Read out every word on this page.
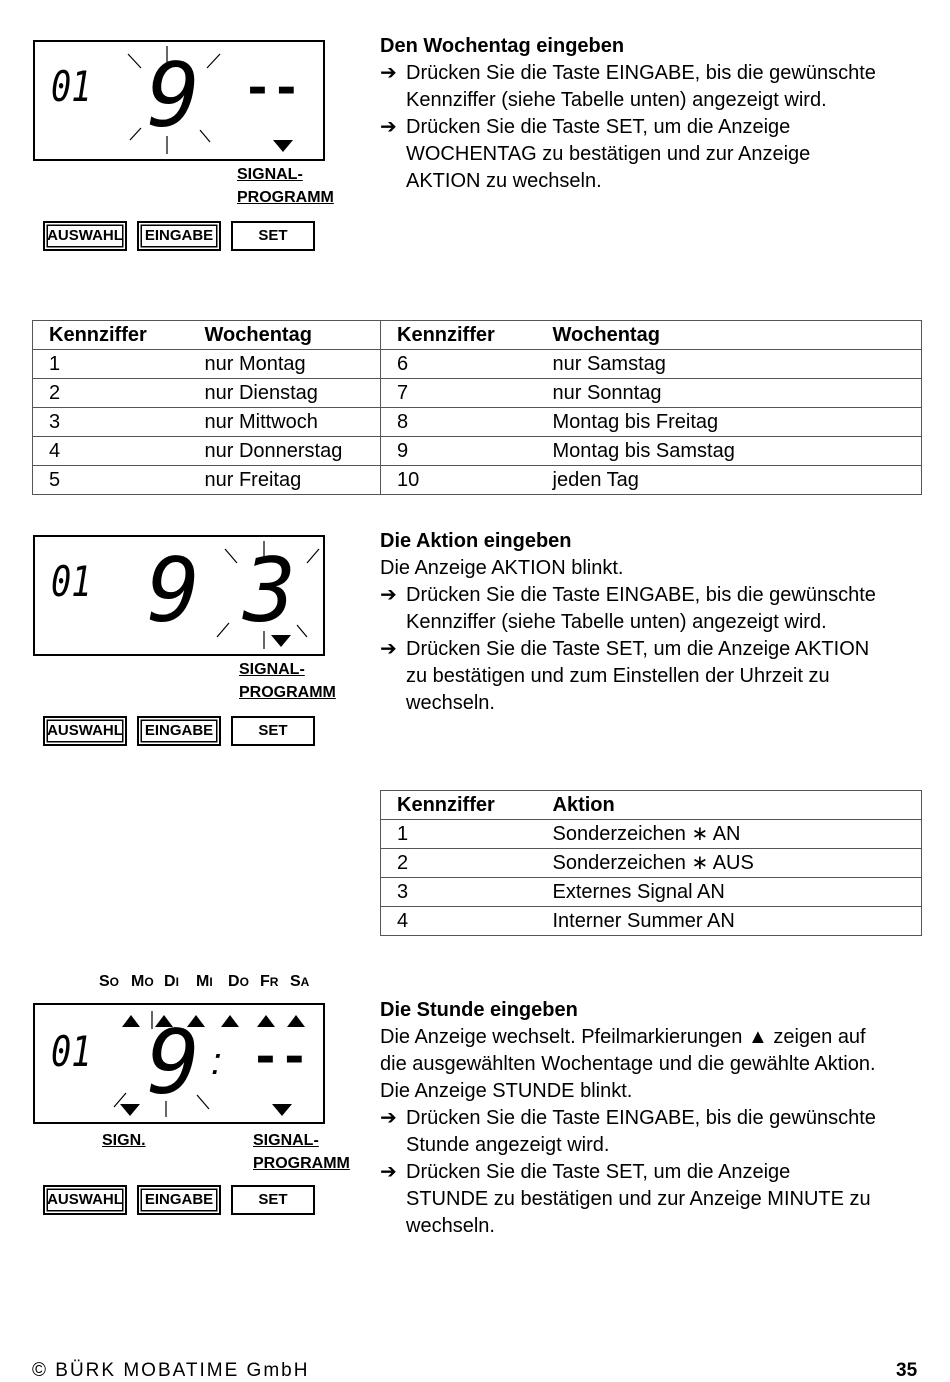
01 9 --
SIGNAL-
PROGRAMM
AUSWAHL	EINGABE	SET
Den Wochentag eingeben
➔ Drücken Sie die Taste EINGABE, bis die gewünschte
Kennziffer (siehe Tabelle unten) angezeigt wird.
➔ Drücken Sie die Taste SET, um die Anzeige
WOCHENTAG zu bestätigen und zur Anzeige
AKTION zu wechseln.
Kennziffer	Wochentag	Kennziffer	Wochentag
1	nur Montag	6	nur Samstag
2	nur Dienstag	7	nur Sonntag
3	nur Mittwoch	8	Montag bis Freitag
4	nur Donnerstag	9	Montag bis Samstag
5	nur Freitag	10	jeden Tag
01 9 3
SIGNAL-
PROGRAMM
AUSWAHL	EINGABE	SET
Die Aktion eingeben
Die Anzeige AKTION blinkt.
➔ Drücken Sie die Taste EINGABE, bis die gewünschte
Kennziffer (siehe Tabelle unten) angezeigt wird.
➔ Drücken Sie die Taste SET, um die Anzeige AKTION
zu bestätigen und zum Einstellen der Uhrzeit zu
wechseln.
Kennziffer	Aktion
1	Sonderzeichen ∗ AN
2	Sonderzeichen ∗ AUS
3	Externes Signal AN
4	Interner Summer AN
SO MO DI MI DO FR SA
01 9 : --
SIGN.	SIGNAL-
PROGRAMM
AUSWAHL	EINGABE	SET
Die Stunde eingeben
Die Anzeige wechselt. Pfeilmarkierungen ▲ zeigen auf
die ausgewählten Wochentage und die gewählte Aktion.
Die Anzeige STUNDE blinkt.
➔ Drücken Sie die Taste EINGABE, bis die gewünschte
Stunde angezeigt wird.
➔ Drücken Sie die Taste SET, um die Anzeige
STUNDE zu bestätigen und zur Anzeige MINUTE zu
wechseln.
© BÜRK MOBATIME GmbH	35
